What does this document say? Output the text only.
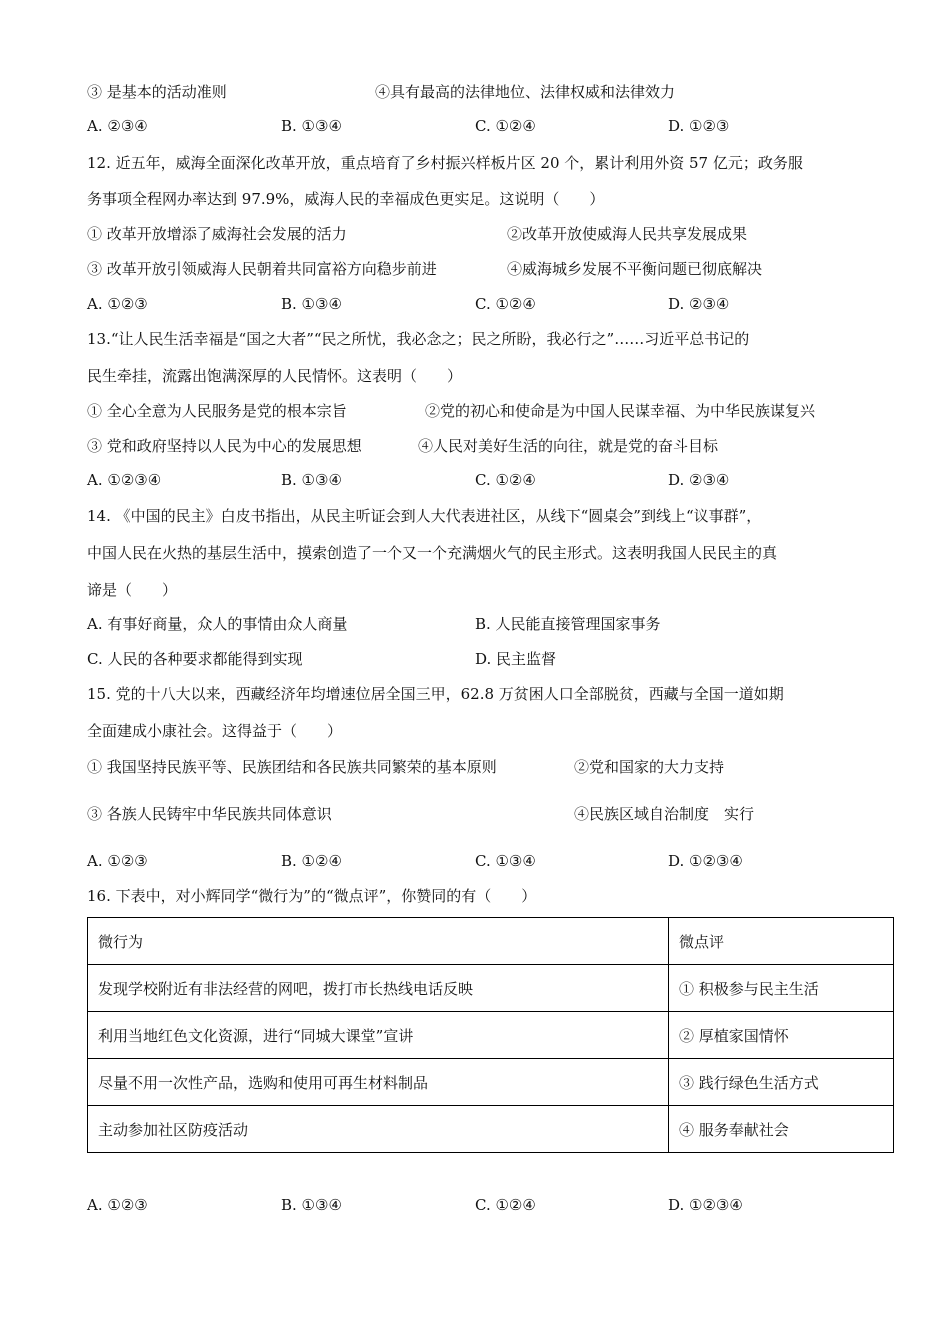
③ 是基本的活动准则	④具有最高的法律地位、法律权威和法律效力
A. ②③④	B. ①③④	C. ①②④	D. ①②③
12. 近五年，威海全面深化改革开放，重点培育了乡村振兴样板片区 20 个，累计利用外资 57 亿元；政务服
务事项全程网办率达到 97.9%，威海人民的幸福成色更实足。这说明（　　）
① 改革开放增添了威海社会发展的活力	②改革开放使威海人民共享发展成果
③ 改革开放引领威海人民朝着共同富裕方向稳步前进	④威海城乡发展不平衡问题已彻底解决
A. ①②③	B. ①③④	C. ①②④	D. ②③④
13.“让人民生活幸福是“国之大者”“民之所忧，我必念之；民之所盼，我必行之”……习近平总书记的
民生牵挂，流露出饱满深厚的人民情怀。这表明（　　）
① 全心全意为人民服务是党的根本宗旨	②党的初心和使命是为中国人民谋幸福、为中华民族谋复兴
③ 党和政府坚持以人民为中心的发展思想	④人民对美好生活的向往，就是党的奋斗目标
A. ①②③④	B. ①③④	C. ①②④	D. ②③④
14. 《中国的民主》白皮书指出，从民主听证会到人大代表进社区，从线下“圆桌会”到线上“议事群”，
中国人民在火热的基层生活中，摸索创造了一个又一个充满烟火气的民主形式。这表明我国人民民主的真
谛是（　　）
A. 有事好商量，众人的事情由众人商量	B. 人民能直接管理国家事务
C. 人民的各种要求都能得到实现	D. 民主监督
15. 党的十八大以来，西藏经济年均增速位居全国三甲，62.8 万贫困人口全部脱贫，西藏与全国一道如期
全面建成小康社会。这得益于（　　）
① 我国坚持民族平等、民族团结和各民族共同繁荣的基本原则	②党和国家的大力支持
③ 各族人民铸牢中华民族共同体意识	④民族区域自治制度　实行
A. ①②③	B. ①②④	C. ①③④	D. ①②③④
16. 下表中，对小辉同学“微行为”的“微点评”，你赞同的有（　　）
微行为	微点评
发现学校附近有非法经营的网吧，拨打市长热线电话反映	① 积极参与民主生活
利用当地红色文化资源，进行“同城大课堂”宣讲	② 厚植家国情怀
尽量不用一次性产品，选购和使用可再生材料制品	③ 践行绿色生活方式
主动参加社区防疫活动	④ 服务奉献社会
A. ①②③	B. ①③④	C. ①②④	D. ①②③④
